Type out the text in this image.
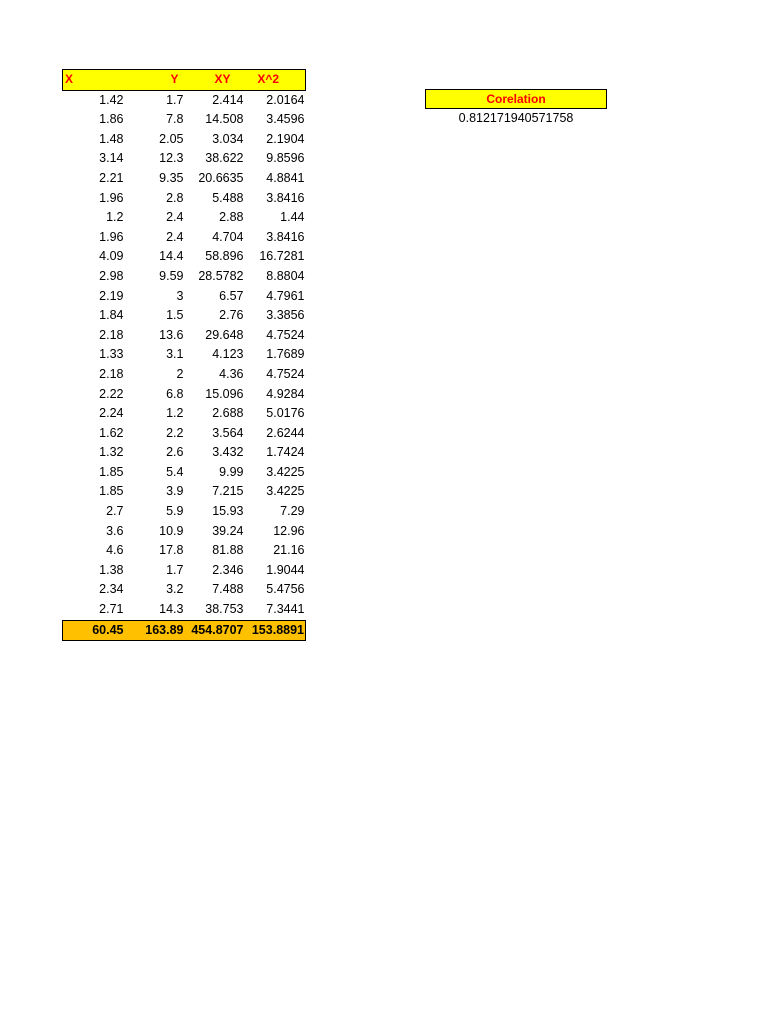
X	Y	XY	X^2
1.42	1.7	2.414	2.0164
1.86	7.8	14.508	3.4596
1.48	2.05	3.034	2.1904
3.14	12.3	38.622	9.8596
2.21	9.35	20.6635	4.8841
1.96	2.8	5.488	3.8416
1.2	2.4	2.88	1.44
1.96	2.4	4.704	3.8416
4.09	14.4	58.896	16.7281
2.98	9.59	28.5782	8.8804
2.19	3	6.57	4.7961
1.84	1.5	2.76	3.3856
2.18	13.6	29.648	4.7524
1.33	3.1	4.123	1.7689
2.18	2	4.36	4.7524
2.22	6.8	15.096	4.9284
2.24	1.2	2.688	5.0176
1.62	2.2	3.564	2.6244
1.32	2.6	3.432	1.7424
1.85	5.4	9.99	3.4225
1.85	3.9	7.215	3.4225
2.7	5.9	15.93	7.29
3.6	10.9	39.24	12.96
4.6	17.8	81.88	21.16
1.38	1.7	2.346	1.9044
2.34	3.2	7.488	5.4756
2.71	14.3	38.753	7.3441
60.45	163.89	454.8707	153.8891
Corelation
0.812171940571758
